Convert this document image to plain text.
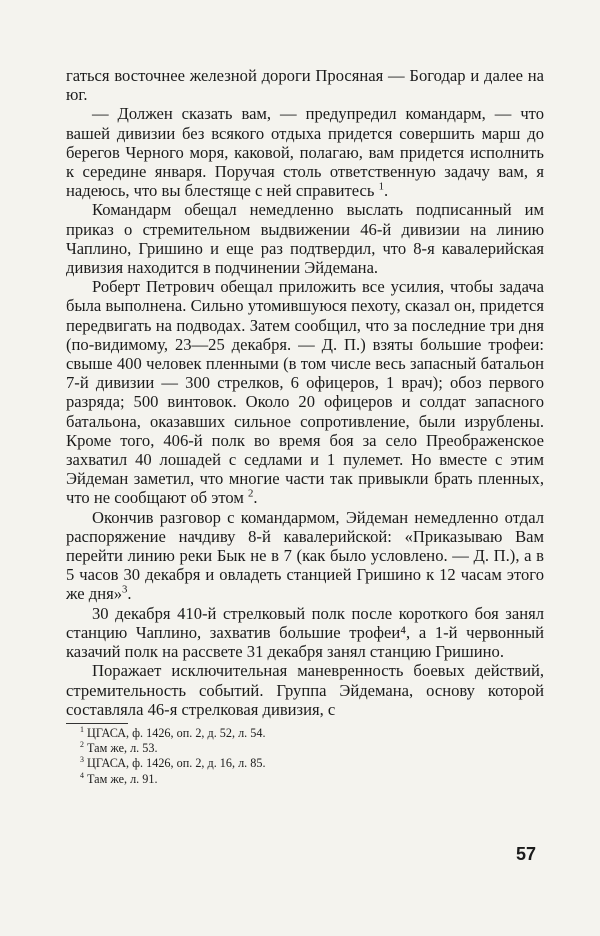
гаться восточнее железной дороги Просяная — Богодар и далее на юг.

— Должен сказать вам, — предупредил командарм, — что вашей дивизии без всякого отдыха придется совершить марш до берегов Черного моря, каковой, полагаю, вам придется исполнить к середине января. Поручая столь ответственную задачу вам, я надеюсь, что вы блестяще с ней справитесь $^1$.

Командарм обещал немедленно выслать подписанный им приказ о стремительном выдвижении 46-й дивизии на линию Чаплино, Гришино и еще раз подтвердил, что 8-я кавалерийская дивизия находится в подчинении Эйдемана.

Роберт Петрович обещал приложить все усилия, чтобы задача была выполнена. Сильно утомившуюся пехоту, сказал он, придется передвигать на подводах. Затем сообщил, что за последние три дня (по-видимому, 23—25 декабря. — Д. П.) взяты большие трофеи: свыше 400 человек пленными (в том числе весь запасный батальон 7-й дивизии — 300 стрелков, 6 офицеров, 1 врач); обоз первого разряда; 500 винтовок. Около 20 офицеров и солдат запасного батальона, оказавших сильное сопротивление, были изрублены. Кроме того, 406-й полк во время боя за село Преображенское захватил 40 лошадей с седлами и 1 пулемет. Но вместе с этим Эйдеман заметил, что многие части так привыкли брать пленных, что не сообщают об этом $^2$.

Окончив разговор с командармом, Эйдеман немедленно отдал распоряжение начдиву 8-й кавалерийской: «Приказываю Вам перейти линию реки Бык не в 7 (как было условлено. — Д. П.), а в 5 часов 30 декабря и овладеть станцией Гришино к 12 часам этого же дня»$^3$.

30 декабря 410-й стрелковый полк после короткого боя занял станцию Чаплино, захватив большие трофеи⁴, а 1-й червонный казачий полк на рассвете 31 декабря занял станцию Гришино.

Поражает исключительная маневренность боевых действий, стремительность событий. Группа Эйдемана, основу которой составляла 46-я стрелковая дивизия, с

$^1$ ЦГАСА, ф. 1426, оп. 2, д. 52, л. 54.
$^2$ Там же, л. 53.
$^3$ ЦГАСА, ф. 1426, оп. 2, д. 16, л. 85.
$^4$ Там же, л. 91.
57
